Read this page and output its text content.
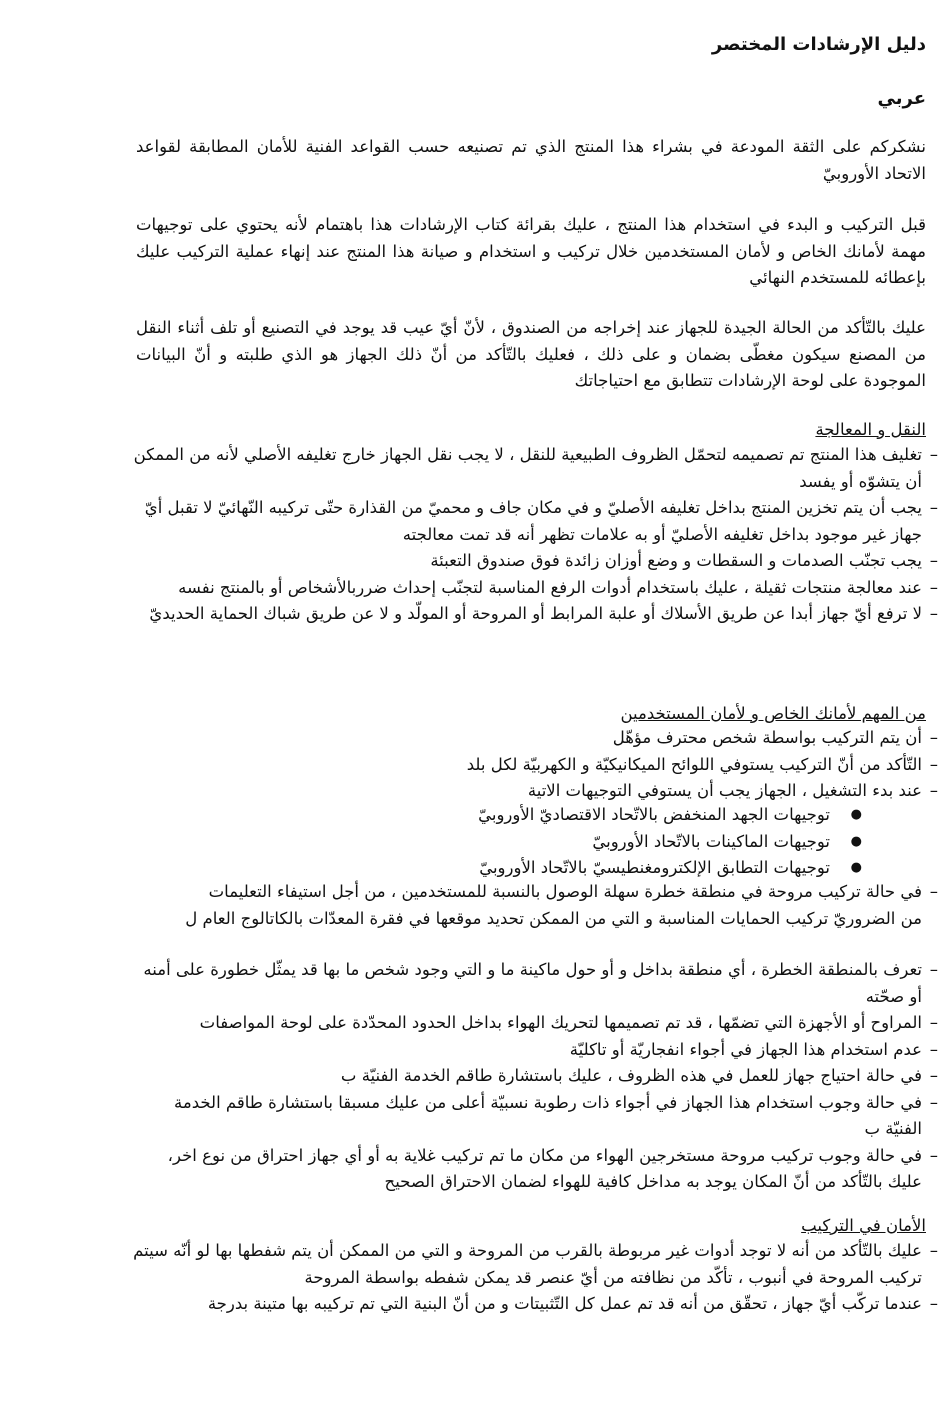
دليل الإرشادات المختصر

عربي

نشكركم على الثقة المودعة في بشراء هذا المنتج الذي تم تصنيعه حسب القواعد الفنية للأمان المطابقة لقواعد الاتحاد الأوروبيّ

قبل التركيب و البدء في استخدام هذا المنتج ، عليك بقرائة كتاب الإرشادات هذا باهتمام لأنه يحتوي على توجيهات مهمة لأمانك الخاص و لأمان المستخدمين خلال تركيب و استخدام و صيانة هذا المنتج عند إنهاء عملية التركيب عليك بإعطائه للمستخدم النهائي

عليك بالتّأكد من الحالة الجيدة للجهاز عند إخراجه من الصندوق ، لأنّ أيّ عيب قد يوجد في التصنيع أو تلف أثناء النقل من المصنع سيكون مغطّى بضمان و على ذلك ، فعليك بالتّأكد من أنّ ذلك الجهاز هو الذي طلبته و أنّ البيانات الموجودة على لوحة الإرشادات تتطابق مع احتياجاتك

النقل و المعالجة

– تغليف هذا المنتج تم تصميمه لتحمّل الظروف الطبيعية للنقل ، لا يجب نقل الجهاز خارج تغليفه الأصلي لأنه من الممكن أن يتشوّه أو يفسد
– يجب أن يتم تخزين المنتج بداخل تغليفه الأصليّ و في مكان جاف و محميّ من القذارة حتّى تركيبه النّهائيّ لا تقبل أيّ جهاز غير موجود بداخل تغليفه الأصليّ أو به علامات تظهر أنه قد تمت معالجته
– يجب تجنّب الصدمات و السقطات و وضع أوزان زائدة فوق صندوق التعبئة
– عند معالجة منتجات ثقيلة ، عليك باستخدام أدوات الرفع المناسبة لتجنّب إحداث ضرربالأشخاص أو بالمنتج نفسه
– لا ترفع أيّ جهاز أبدا عن طريق الأسلاك أو علبة المرابط أو المروحة أو المولّد و لا عن طريق شباك الحماية الحديديّ

من المهم لأمانك الخاص و لأمان المستخدمين

– أن يتم التركيب بواسطة شخص محترف مؤهّل
– التّأكد من أنّ التركيب يستوفي اللوائح الميكانيكيّة و الكهربيّة لكل بلد
– عند بدء التشغيل ، الجهاز يجب أن يستوفي التوجيهات الاتية
● توجيهات الجهد المنخفض بالاتّحاد الاقتصاديّ الأوروبيّ
● توجيهات الماكينات بالاتّحاد الأوروبيّ
● توجيهات التطابق الإلكترومغنطيسيّ بالاتّحاد الأوروبيّ
– في حالة تركيب مروحة في منطقة خطرة سهلة الوصول بالنسبة للمستخدمين ، من أجل استيفاء التعليمات
من الضروريّ تركيب الحمايات المناسبة و التي من الممكن تحديد موقعها في فقرة المعدّات بالكاتالوج العام ل
– تعرف بالمنطقة الخطرة ، أي منطقة بداخل و أو حول ماكينة ما و التي وجود شخص ما بها قد يمثّل خطورة على أمنه أو صحّته
– المراوح أو الأجهزة التي تضمّها ، قد تم تصميمها لتحريك الهواء بداخل الحدود المحدّدة على لوحة المواصفات
– عدم استخدام هذا الجهاز في أجواء انفجاريّة أو تاكليّة
– في حالة احتياج جهاز للعمل في هذه الظروف ، عليك باستشارة طاقم الخدمة الفنيّة ب
– في حالة وجوب استخدام هذا الجهاز في أجواء ذات رطوبة نسبيّة أعلى من عليك مسبقا باستشارة طاقم الخدمة الفنيّة ب
– في حالة وجوب تركيب مروحة مستخرجين الهواء من مكان ما تم تركيب غلاية به أو أي جهاز احتراق من نوع اخر، عليك بالتّأكد من أنّ المكان يوجد به مداخل كافية للهواء لضمان الاحتراق الصحيح

الأمان في التركيب

– عليك بالتّأكد من أنه لا توجد أدوات غير مربوطة بالقرب من المروحة و التي من الممكن أن يتم شفطها بها لو أنّه سيتم تركيب المروحة في أنبوب ، تأكّد من نظافته من أيّ عنصر قد يمكن شفطه بواسطة المروحة
– عندما تركّب أيّ جهاز ، تحقّق من أنه قد تم عمل كل التّثبيتات و من أنّ البنية التي تم تركيبه بها متينة بدرجة
